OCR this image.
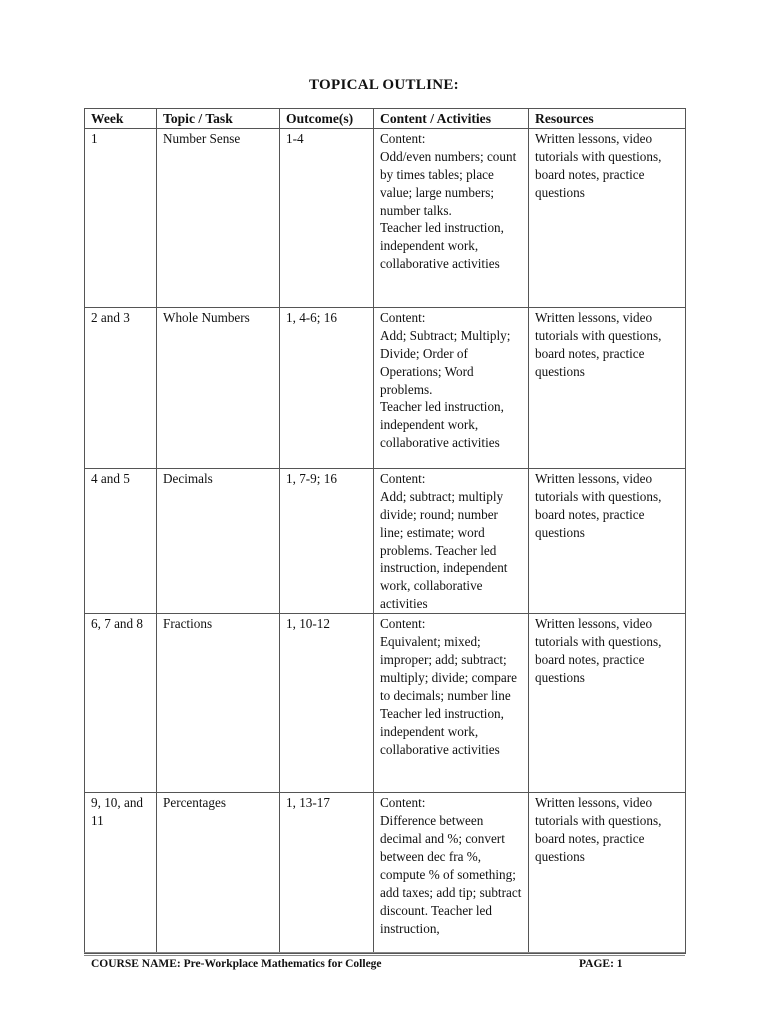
TOPICAL OUTLINE:
Week	Topic / Task	Outcome(s)	Content / Activities	Resources
1	Number Sense	1-4	Content:
Odd/even numbers; count by times tables; place value; large numbers; number talks.
Teacher led instruction, independent work, collaborative activities	Written lessons, video tutorials with questions, board notes, practice questions
2 and 3	Whole Numbers	1, 4-6; 16	Content:
Add; Subtract; Multiply; Divide; Order of Operations; Word problems.
Teacher led instruction, independent work, collaborative activities	Written lessons, video tutorials with questions, board notes, practice questions
4 and 5	Decimals	1, 7-9; 16	Content:
Add; subtract; multiply divide; round; number line; estimate; word problems. Teacher led instruction, independent work, collaborative activities	Written lessons, video tutorials with questions, board notes, practice questions
6, 7 and 8	Fractions	1, 10-12	Content:
Equivalent; mixed; improper; add; subtract; multiply; divide; compare to decimals; number line
Teacher led instruction, independent work, collaborative activities	Written lessons, video tutorials with questions, board notes, practice questions
9, 10, and 11	Percentages	1, 13-17	Content:
Difference between decimal and %; convert between dec fra %, compute % of something; add taxes; add tip; subtract discount. Teacher led instruction,	Written lessons, video tutorials with questions, board notes, practice questions
COURSE NAME: Pre-Workplace Mathematics for College	PAGE: 1
